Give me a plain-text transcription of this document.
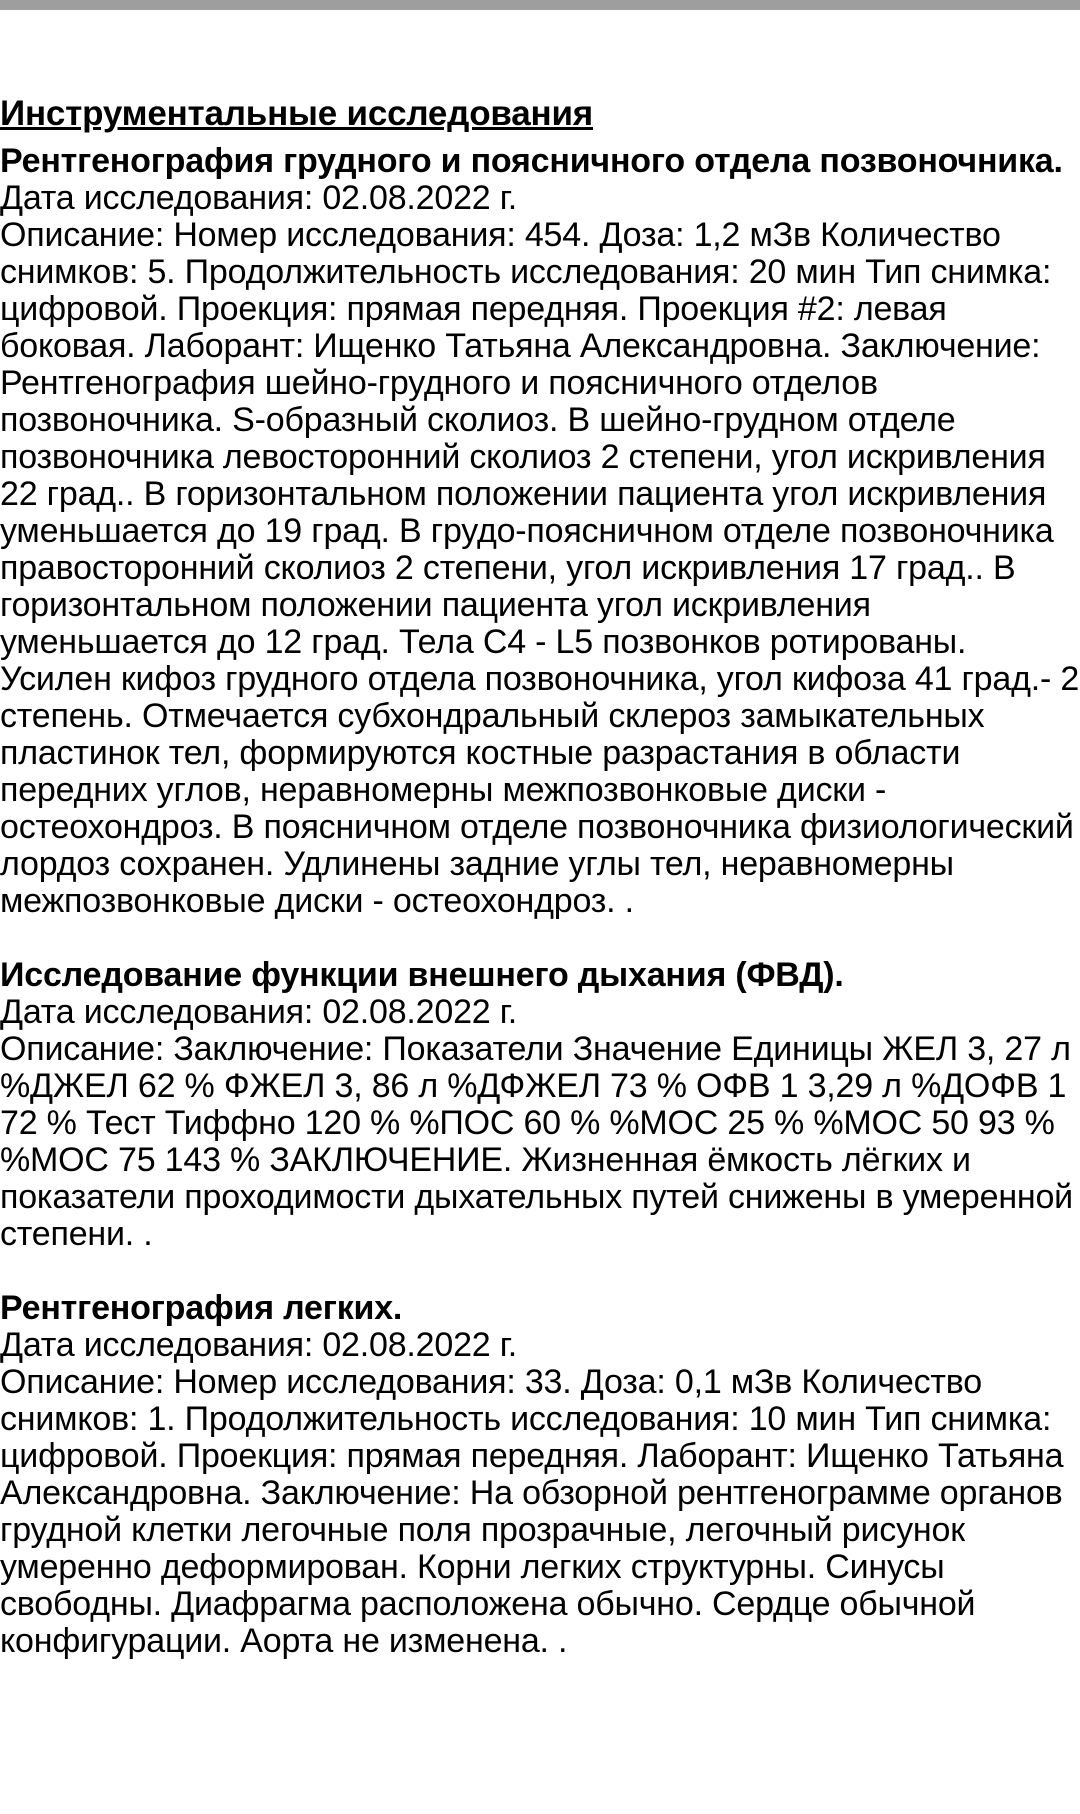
Инструментальные исследования
Рентгенография грудного и поясничного отдела позвоночника.
Дата исследования: 02.08.2022 г.
Описание: Номер исследования: 454. Доза: 1,2 мЗв Количество снимков: 5. Продолжительность исследования: 20 мин Тип снимка: цифровой. Проекция: прямая передняя. Проекция #2: левая боковая. Лаборант: Ищенко Татьяна Александровна. Заключение: Рентгенография шейно-грудного и поясничного отделов позвоночника. S-образный сколиоз. В шейно-грудном отделе позвоночника левосторонний сколиоз 2 степени, угол искривления 22 град.. В горизонтальном положении пациента угол искривления уменьшается до 19 град. В грудо-поясничном отделе позвоночника правосторонний сколиоз 2 степени, угол искривления 17 град.. В горизонтальном положении пациента угол искривления уменьшается до 12 град. Тела С4 - L5 позвонков ротированы. Усилен кифоз грудного отдела позвоночника, угол кифоза 41 град.- 2 степень. Отмечается субхондральный склероз замыкательных пластинок тел, формируются костные разрастания в области передних углов, неравномерны межпозвонковые диски - остеохондроз. В поясничном отделе позвоночника физиологический лордоз сохранен. Удлинены задние углы тел, неравномерны межпозвонковые диски - остеохондроз. .
Исследование функции внешнего дыхания (ФВД).
Дата исследования: 02.08.2022 г.
Описание: Заключение: Показатели Значение Единицы ЖЕЛ 3, 27 л %ДЖЕЛ 62 % ФЖЕЛ 3, 86 л %ДФЖЕЛ 73 % ОФВ 1 3,29 л %ДОФВ 1 72 % Тест Тиффно 120 % %ПОС 60 % %МОС 25 % %МОС 50 93 % %МОС 75 143 % ЗАКЛЮЧЕНИЕ. Жизненная ёмкость лёгких и показатели проходимости дыхательных путей снижены в умеренной степени. .
Рентгенография легких.
Дата исследования: 02.08.2022 г.
Описание: Номер исследования: 33. Доза: 0,1 мЗв Количество снимков: 1. Продолжительность исследования: 10 мин Тип снимка: цифровой. Проекция: прямая передняя. Лаборант: Ищенко Татьяна Александровна. Заключение: На обзорной рентгенограмме органов грудной клетки легочные поля прозрачные, легочный рисунок умеренно деформирован. Корни легких структурны. Синусы свободны. Диафрагма расположена обычно. Сердце обычной конфигурации. Аорта не изменена. .
